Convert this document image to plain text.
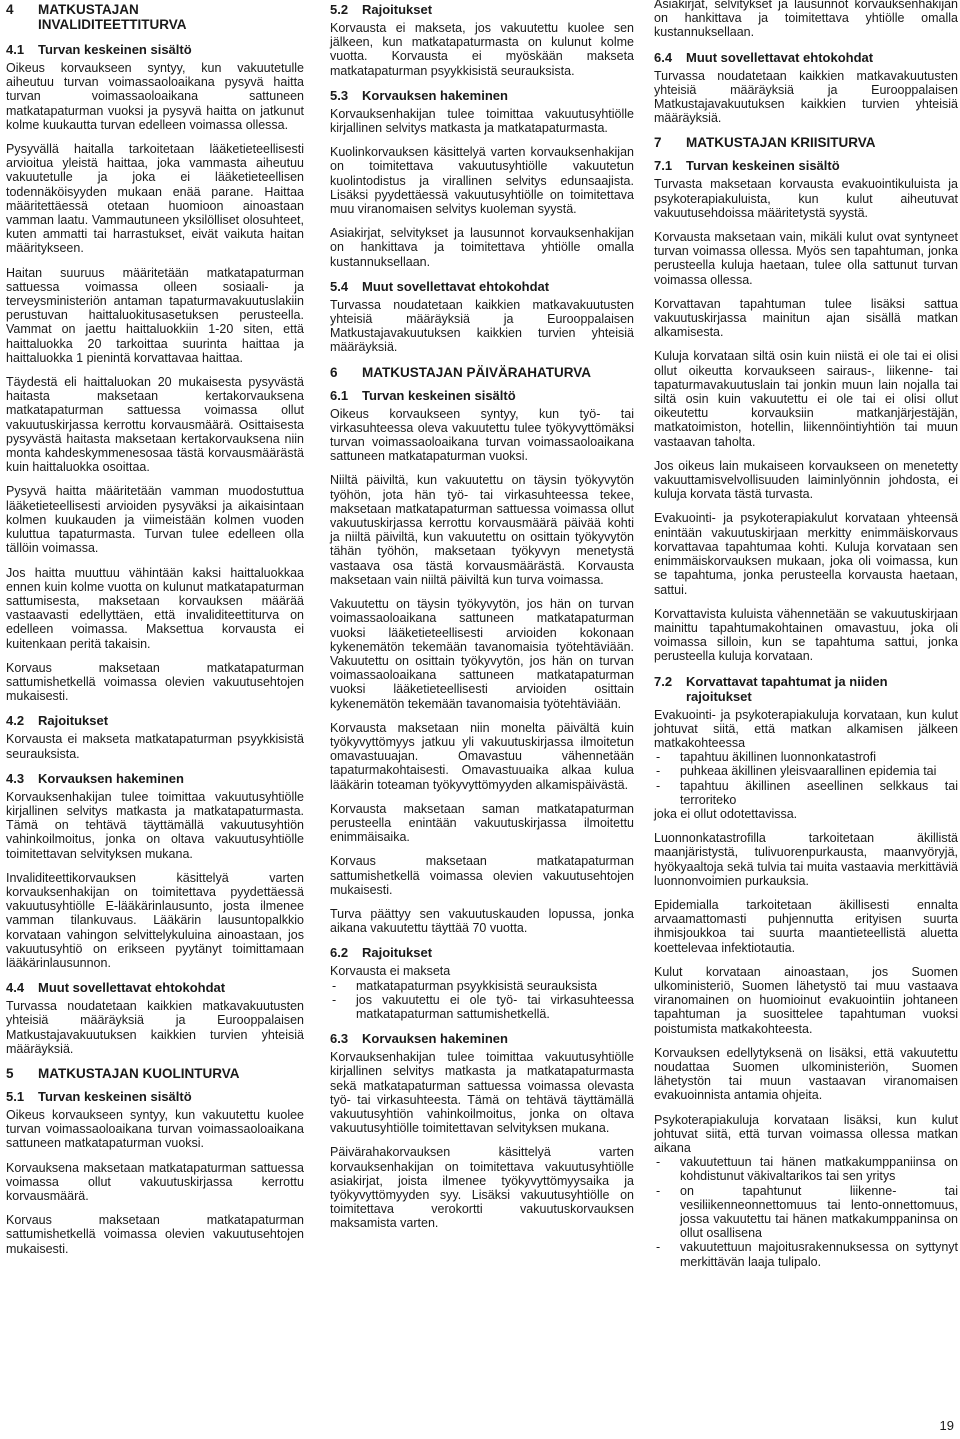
4 MATKUSTAJAN
INVALIDITEETTITURVA
4.1 Turvan keskeinen sisältö

Oikeus korvaukseen syntyy, kun vakuutetulle aiheutuu turvan voimassaoloaikana pysyvä haitta turvan voimassaoloaikana sattuneen matkatapaturman vuoksi ja pysyvä haitta on jatkunut kolme kuukautta turvan edelleen voimassa ollessa.

Pysyvällä haitalla tarkoitetaan lääketieteellisesti arvioitua yleistä haittaa, joka vammasta aiheutuu vakuutetulle ja joka ei lääketieteellisen todennäköisyyden mukaan enää parane. Haittaa määritettäessä otetaan huomioon ainoastaan vamman laatu. Vammautuneen yksilölliset olosuhteet, kuten ammatti tai harrastukset, eivät vaikuta haitan määritykseen.

Haitan suuruus määritetään matkatapaturman sattuessa voimassa olleen sosiaali- ja terveysministeriön antaman tapaturmavakuutuslakiin perustuvan haittaluokitusasetuksen perusteella. Vammat on jaettu haittaluokkiin 1-20 siten, että haittaluokka 20 tarkoittaa suurinta haittaa ja haittaluokka 1 pienintä korvattavaa haittaa.

Täydestä eli haittaluokan 20 mukaisesta pysyvästä haitasta maksetaan kertakorvauksena matkatapaturman sattuessa voimassa ollut vakuutuskirjassa kerrottu korvausmäärä. Osittaisesta pysyvästä haitasta maksetaan kertakorvauksena niin monta kahdeskymmenesosaa tästä korvausmäärästä kuin haittaluokka osoittaa.

Pysyvä haitta määritetään vamman muodostuttua lääketieteellisesti arvioiden pysyväksi ja aikaisintaan kolmen kuukauden ja viimeistään kolmen vuoden kuluttua tapaturmasta. Turvan tulee edelleen olla tällöin voimassa.

Jos haitta muuttuu vähintään kaksi haittaluokkaa ennen kuin kolme vuotta on kulunut matkatapaturman sattumisesta, maksetaan korvauksen määrää vastaavasti edellyttäen, että invaliditeettiturva on edelleen voimassa. Maksettua korvausta ei kuitenkaan peritä takaisin.

Korvaus maksetaan matkatapaturman sattumishetkellä voimassa olevien vakuutusehtojen mukaisesti.

4.2 Rajoitukset

Korvausta ei makseta matkatapaturman psyykkisistä seurauksista.

4.3 Korvauksen hakeminen

Korvauksenhakijan tulee toimittaa vakuutusyhtiölle kirjallinen selvitys matkasta ja matkatapaturmasta. Tämä on tehtävä täyttämällä vakuutusyhtiön vahinkoilmoitus, jonka on oltava vakuutusyhtiölle toimitettavan selvityksen mukana.

Invaliditeettikorvauksen käsittelyä varten korvauksenhakijan on toimitettava pyydettäessä vakuutusyhtiölle E-lääkärinlausunto, josta ilmenee vamman tilankuvaus. Lääkärin lausuntopalkkio korvataan vahingon selvittelykuluina ainoastaan, jos vakuutusyhtiö on erikseen pyytänyt toimittamaan lääkärinlausunnon.

4.4 Muut sovellettavat ehtokohdat

Turvassa noudatetaan kaikkien matkavakuutusten yhteisiä määräyksiä ja Eurooppalaisen Matkustajavakuutuksen kaikkien turvien yhteisiä määräyksiä.

5 MATKUSTAJAN KUOLINTURVA
5.1 Turvan keskeinen sisältö

Oikeus korvaukseen syntyy, kun vakuutettu kuolee turvan voimassaoloaikana turvan voimassaoloaikana sattuneen matkatapaturman vuoksi.

Korvauksena maksetaan matkatapaturman sattuessa voimassa ollut vakuutuskirjassa kerrottu korvausmäärä.

Korvaus maksetaan matkatapaturman sattumishetkellä voimassa olevien vakuutusehtojen mukaisesti.

5.2 Rajoitukset

Korvausta ei makseta, jos vakuutettu kuolee sen jälkeen, kun matkatapaturmasta on kulunut kolme vuotta. Korvausta ei myöskään makseta matkatapaturman psyykkisistä seurauksista.

5.3 Korvauksen hakeminen

Korvauksenhakijan tulee toimittaa vakuutusyhtiölle kirjallinen selvitys matkasta ja matkatapaturmasta.

Kuolinkorvauksen käsittelyä varten korvauksenhakijan on toimitettava vakuutusyhtiölle vakuutetun kuolintodistus ja virallinen selvitys edunsaajista. Lisäksi pyydettäessä vakuutusyhtiölle on toimitettava muu viranomaisen selvitys kuoleman syystä.

Asiakirjat, selvitykset ja lausunnot korvauksenhakijan on hankittava ja toimitettava yhtiölle omalla kustannuksellaan.

5.4 Muut sovellettavat ehtokohdat

Turvassa noudatetaan kaikkien matkavakuutusten yhteisiä määräyksiä ja Eurooppalaisen Matkustajavakuutuksen kaikkien turvien yhteisiä määräyksiä.

6 MATKUSTAJAN PÄIVÄRAHATURVA
6.1 Turvan keskeinen sisältö

Oikeus korvaukseen syntyy, kun työ- tai virkasuhteessa oleva vakuutettu tulee työkyvyttömäksi turvan voimassaoloaikana turvan voimassaoloaikana sattuneen matkatapaturman vuoksi.

Niiltä päiviltä, kun vakuutettu on täysin työkyvytön työhön, jota hän työ- tai virkasuhteessa tekee, maksetaan matkatapaturman sattuessa voimassa ollut vakuutuskirjassa kerrottu korvausmäärä päivää kohti ja niiltä päiviltä, kun vakuutettu on osittain työkyvytön tähän työhön, maksetaan työkyvyn menetystä vastaava osa tästä korvausmäärästä. Korvausta maksetaan vain niiltä päiviltä kun turva voimassa.

Vakuutettu on täysin työkyvytön, jos hän on turvan voimassaoloaikana sattuneen matkatapaturman vuoksi lääketieteellisesti arvioiden kokonaan kykenemätön tekemään tavanomaisia työtehtäviään. Vakuutettu on osittain työkyvytön, jos hän on turvan voimassaoloaikana sattuneen matkatapaturman vuoksi lääketieteellisesti arvioiden osittain kykenemätön tekemään tavanomaisia työtehtäviään.

Korvausta maksetaan niin monelta päivältä kuin työkyvyttömyys jatkuu yli vakuutuskirjassa ilmoitetun omavastuuajan. Omavastuu vähennetään tapaturmakohtaisesti. Omavastuuaika alkaa kulua lääkärin toteaman työkyvyttömyyden alkamispäivästä.

Korvausta maksetaan saman matkatapaturman perusteella enintään vakuutuskirjassa ilmoitettu enimmäisaika.

Korvaus maksetaan matkatapaturman sattumishetkellä voimassa olevien vakuutusehtojen mukaisesti.

Turva päättyy sen vakuutuskauden lopussa, jonka aikana vakuutettu täyttää 70 vuotta.

6.2 Rajoitukset

Korvausta ei makseta

- matkatapaturman psyykkisistä seurauksista
- jos vakuutettu ei ole työ- tai virkasuhteessa matkatapaturman sattumishetkellä.
6.3 Korvauksen hakeminen

Korvauksenhakijan tulee toimittaa vakuutusyhtiölle kirjallinen selvitys matkasta ja matkatapaturmasta sekä matkatapaturman sattuessa voimassa olevasta työ- tai virkasuhteesta. Tämä on tehtävä täyttämällä vakuutusyhtiön vahinkoilmoitus, jonka on oltava vakuutusyhtiölle toimitettavan selvityksen mukana.

Päivärahakorvauksen käsittelyä varten korvauksenhakijan on toimitettava vakuutusyhtiölle asiakirjat, joista ilmenee työkyvyttömyysaika ja työkyvyttömyyden syy. Lisäksi vakuutusyhtiölle on toimitettava verokortti vakuutuskorvauksen maksamista varten.

Asiakirjat, selvitykset ja lausunnot korvauksenhakijan on hankittava ja toimitettava yhtiölle omalla kustannuksellaan.

6.4 Muut sovellettavat ehtokohdat

Turvassa noudatetaan kaikkien matkavakuutusten yhteisiä määräyksiä ja Eurooppalaisen Matkustajavakuutuksen kaikkien turvien yhteisiä määräyksiä.

7 MATKUSTAJAN KRIISITURVA
7.1 Turvan keskeinen sisältö

Turvasta maksetaan korvausta evakuointikuluista ja psykoterapiakuluista, kun kulut aiheutuvat vakuutusehdoissa määritetystä syystä.

Korvausta maksetaan vain, mikäli kulut ovat syntyneet turvan voimassa ollessa. Myös sen tapahtuman, jonka perusteella kuluja haetaan, tulee olla sattunut turvan voimassa ollessa.

Korvattavan tapahtuman tulee lisäksi sattua vakuutuskirjassa mainitun ajan sisällä matkan alkamisesta.

Kuluja korvataan siltä osin kuin niistä ei ole tai ei olisi ollut oikeutta korvaukseen sairaus-, liikenne- tai tapaturmavakuutuslain tai jonkin muun lain nojalla tai siltä osin kuin vakuutettu ei ole tai ei olisi ollut oikeutettu korvauksiin matkanjärjestäjän, matkatoimiston, hotellin, liikennöintiyhtiön tai muun vastaavan taholta.

Jos oikeus lain mukaiseen korvaukseen on menetetty vakuuttamisvelvollisuuden laiminlyönnin johdosta, ei kuluja korvata tästä turvasta.

Evakuointi- ja psykoterapiakulut korvataan yhteensä enintään vakuutuskirjaan merkitty enimmäiskorvaus korvattavaa tapahtumaa kohti. Kuluja korvataan sen enimmäiskorvauksen mukaan, joka oli voimassa, kun se tapahtuma, jonka perusteella korvausta haetaan, sattui.

Korvattavista kuluista vähennetään se vakuutuskirjaan mainittu tapahtumakohtainen omavastuu, joka oli voimassa silloin, kun se tapahtuma sattui, jonka perusteella kuluja korvataan.

7.2 Korvattavat tapahtumat ja niiden rajoitukset

Evakuointi- ja psykoterapiakuluja korvataan, kun kulut johtuvat siitä, että matkan alkamisen jälkeen matkakohteessa

- tapahtuu äkillinen luonnonkatastrofi
- puhkeaa äkillinen yleisvaarallinen epidemia tai
- tapahtuu äkillinen aseellinen selkkaus tai terroriteko

joka ei ollut odotettavissa.

Luonnonkatastrofilla tarkoitetaan äkillistä maanjäristystä, tulivuorenpurkausta, maanvyöryjä, hyökyaaltoja sekä tulvia tai muita vastaavia merkittäviä luonnonvoimien purkauksia.

Epidemialla tarkoitetaan äkillisesti ennalta arvaamattomasti puhjennutta erityisen suurta ihmisjoukkoa tai suurta maantieteellistä aluetta koettelevaa infektiotautia.

Kulut korvataan ainoastaan, jos Suomen ulkoministeriö, Suomen lähetystö tai muu vastaava viranomainen on huomioinut evakuointiin johtaneen tapahtuman ja suosittelee tapahtuman vuoksi poistumista matkakohteesta.

Korvauksen edellytyksenä on lisäksi, että vakuutettu noudattaa Suomen ulkoministeriön, Suomen lähetystön tai muun vastaavan viranomaisen evakuoinnista antamia ohjeita.

Psykoterapiakuluja korvataan lisäksi, kun kulut johtuvat siitä, että turvan voimassa ollessa matkan aikana

- vakuutettuun tai hänen matkakumppaniinsa on kohdistunut väkivaltarikos tai sen yritys
- on tapahtunut liikenne- tai vesiliikenneonnettomuus tai lento-onnettomuus, jossa vakuutettu tai hänen matkakumppaninsa on ollut osallisena
- vakuutettuun majoitusrakennuksessa on syttynyt merkittävän laaja tulipalo.
19
